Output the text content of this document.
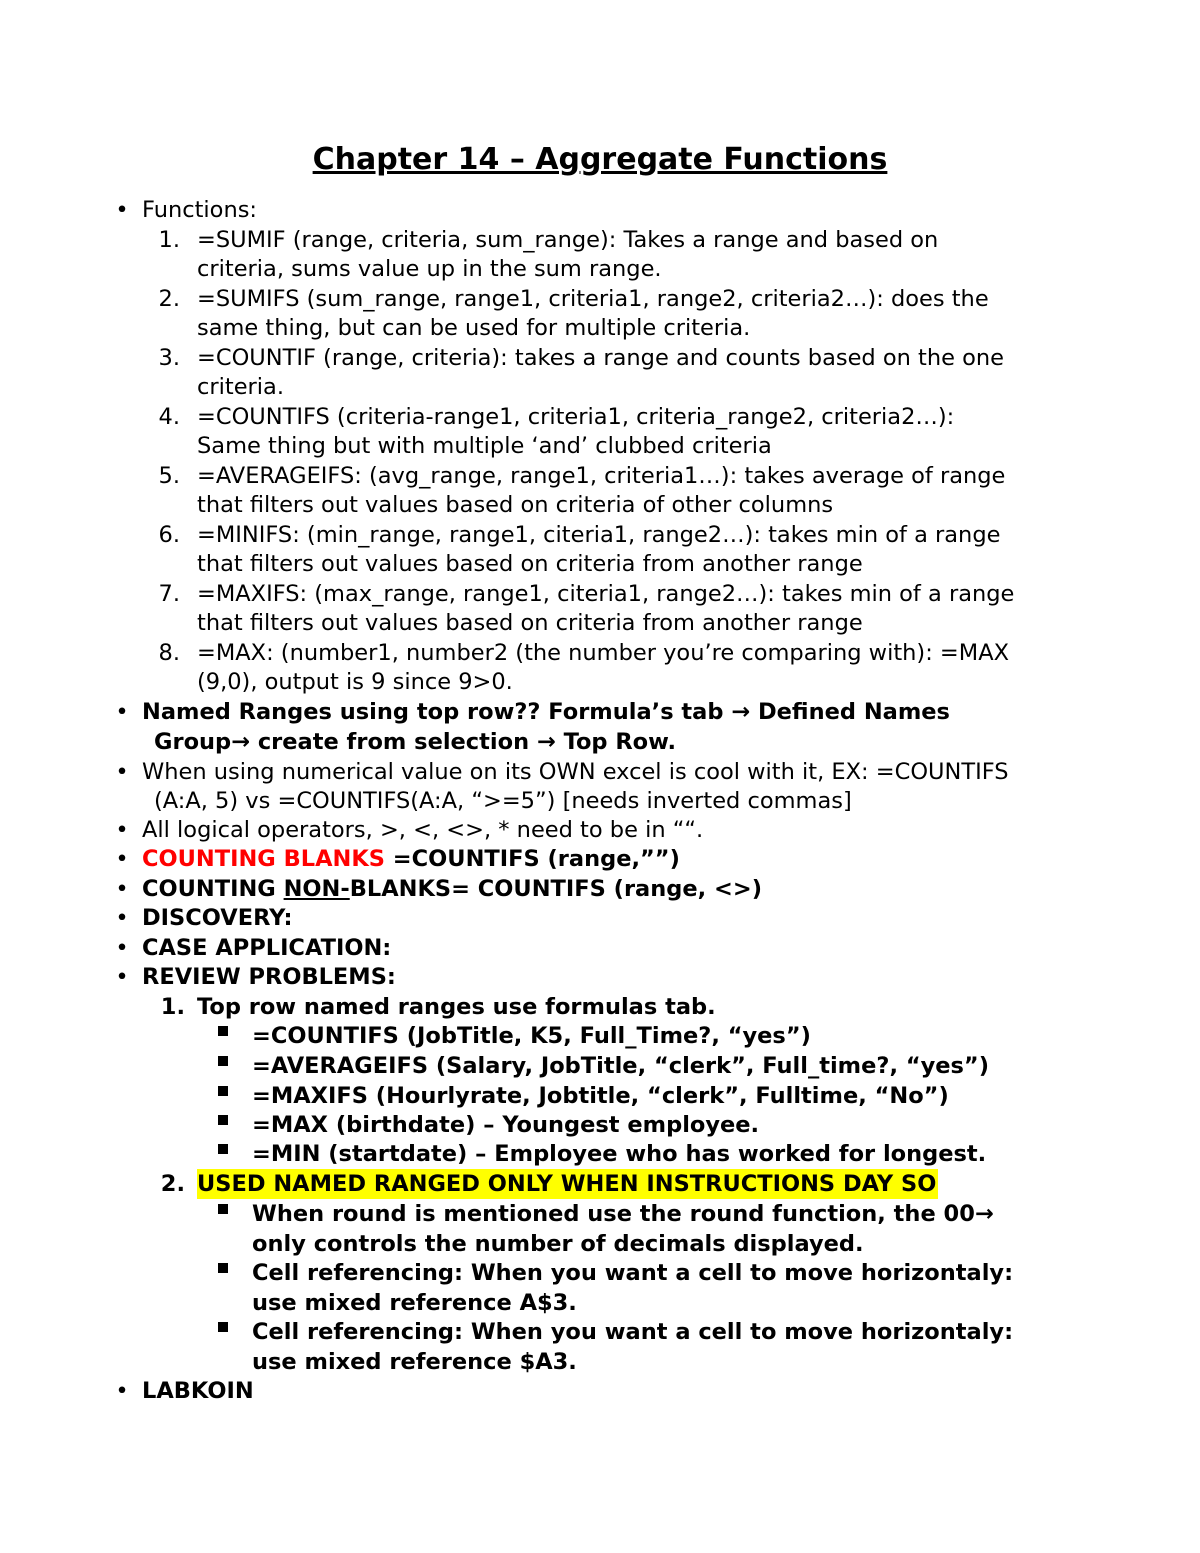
Chapter 14 – Aggregate Functions
• Functions:
1. =SUMIF (range, criteria, sum_range): Takes a range and based on
criteria, sums value up in the sum range.
2. =SUMIFS (sum_range, range1, criteria1, range2, criteria2…): does the
same thing, but can be used for multiple criteria.
3. =COUNTIF (range, criteria): takes a range and counts based on the one
criteria.
4. =COUNTIFS (criteria-range1, criteria1, criteria_range2, criteria2…):
Same thing but with multiple ‘and’ clubbed criteria
5. =AVERAGEIFS: (avg_range, range1, criteria1…): takes average of range
that filters out values based on criteria of other columns
6. =MINIFS: (min_range, range1, citeria1, range2…): takes min of a range
that filters out values based on criteria from another range
7. =MAXIFS: (max_range, range1, citeria1, range2…): takes min of a range
that filters out values based on criteria from another range
8. =MAX: (number1, number2 (the number you’re comparing with): =MAX
(9,0), output is 9 since 9>0.
• Named Ranges using top row?? Formula’s tab → Defined Names
Group→ create from selection → Top Row.
• When using numerical value on its OWN excel is cool with it, EX: =COUNTIFS
(A:A, 5) vs =COUNTIFS(A:A, “>=5”) [needs inverted commas]
• All logical operators, >, <, <>, * need to be in ““.
• COUNTING BLANKS =COUNTIFS (range,””)
• COUNTING NON-BLANKS= COUNTIFS (range, <>)
• DISCOVERY:
• CASE APPLICATION:
• REVIEW PROBLEMS:
1. Top row named ranges use formulas tab.
=COUNTIFS (JobTitle, K5, Full_Time?, “yes”)
=AVERAGEIFS (Salary, JobTitle, “clerk”, Full_time?, “yes”)
=MAXIFS (Hourlyrate, Jobtitle, “clerk”, Fulltime, “No”)
=MAX (birthdate) – Youngest employee.
=MIN (startdate) – Employee who has worked for longest.
2. USED NAMED RANGED ONLY WHEN INSTRUCTIONS DAY SO
When round is mentioned use the round function, the 00→
only controls the number of decimals displayed.
Cell referencing: When you want a cell to move horizontaly:
use mixed reference A$3.
Cell referencing: When you want a cell to move horizontaly:
use mixed reference $A3.
• LABKOIN
